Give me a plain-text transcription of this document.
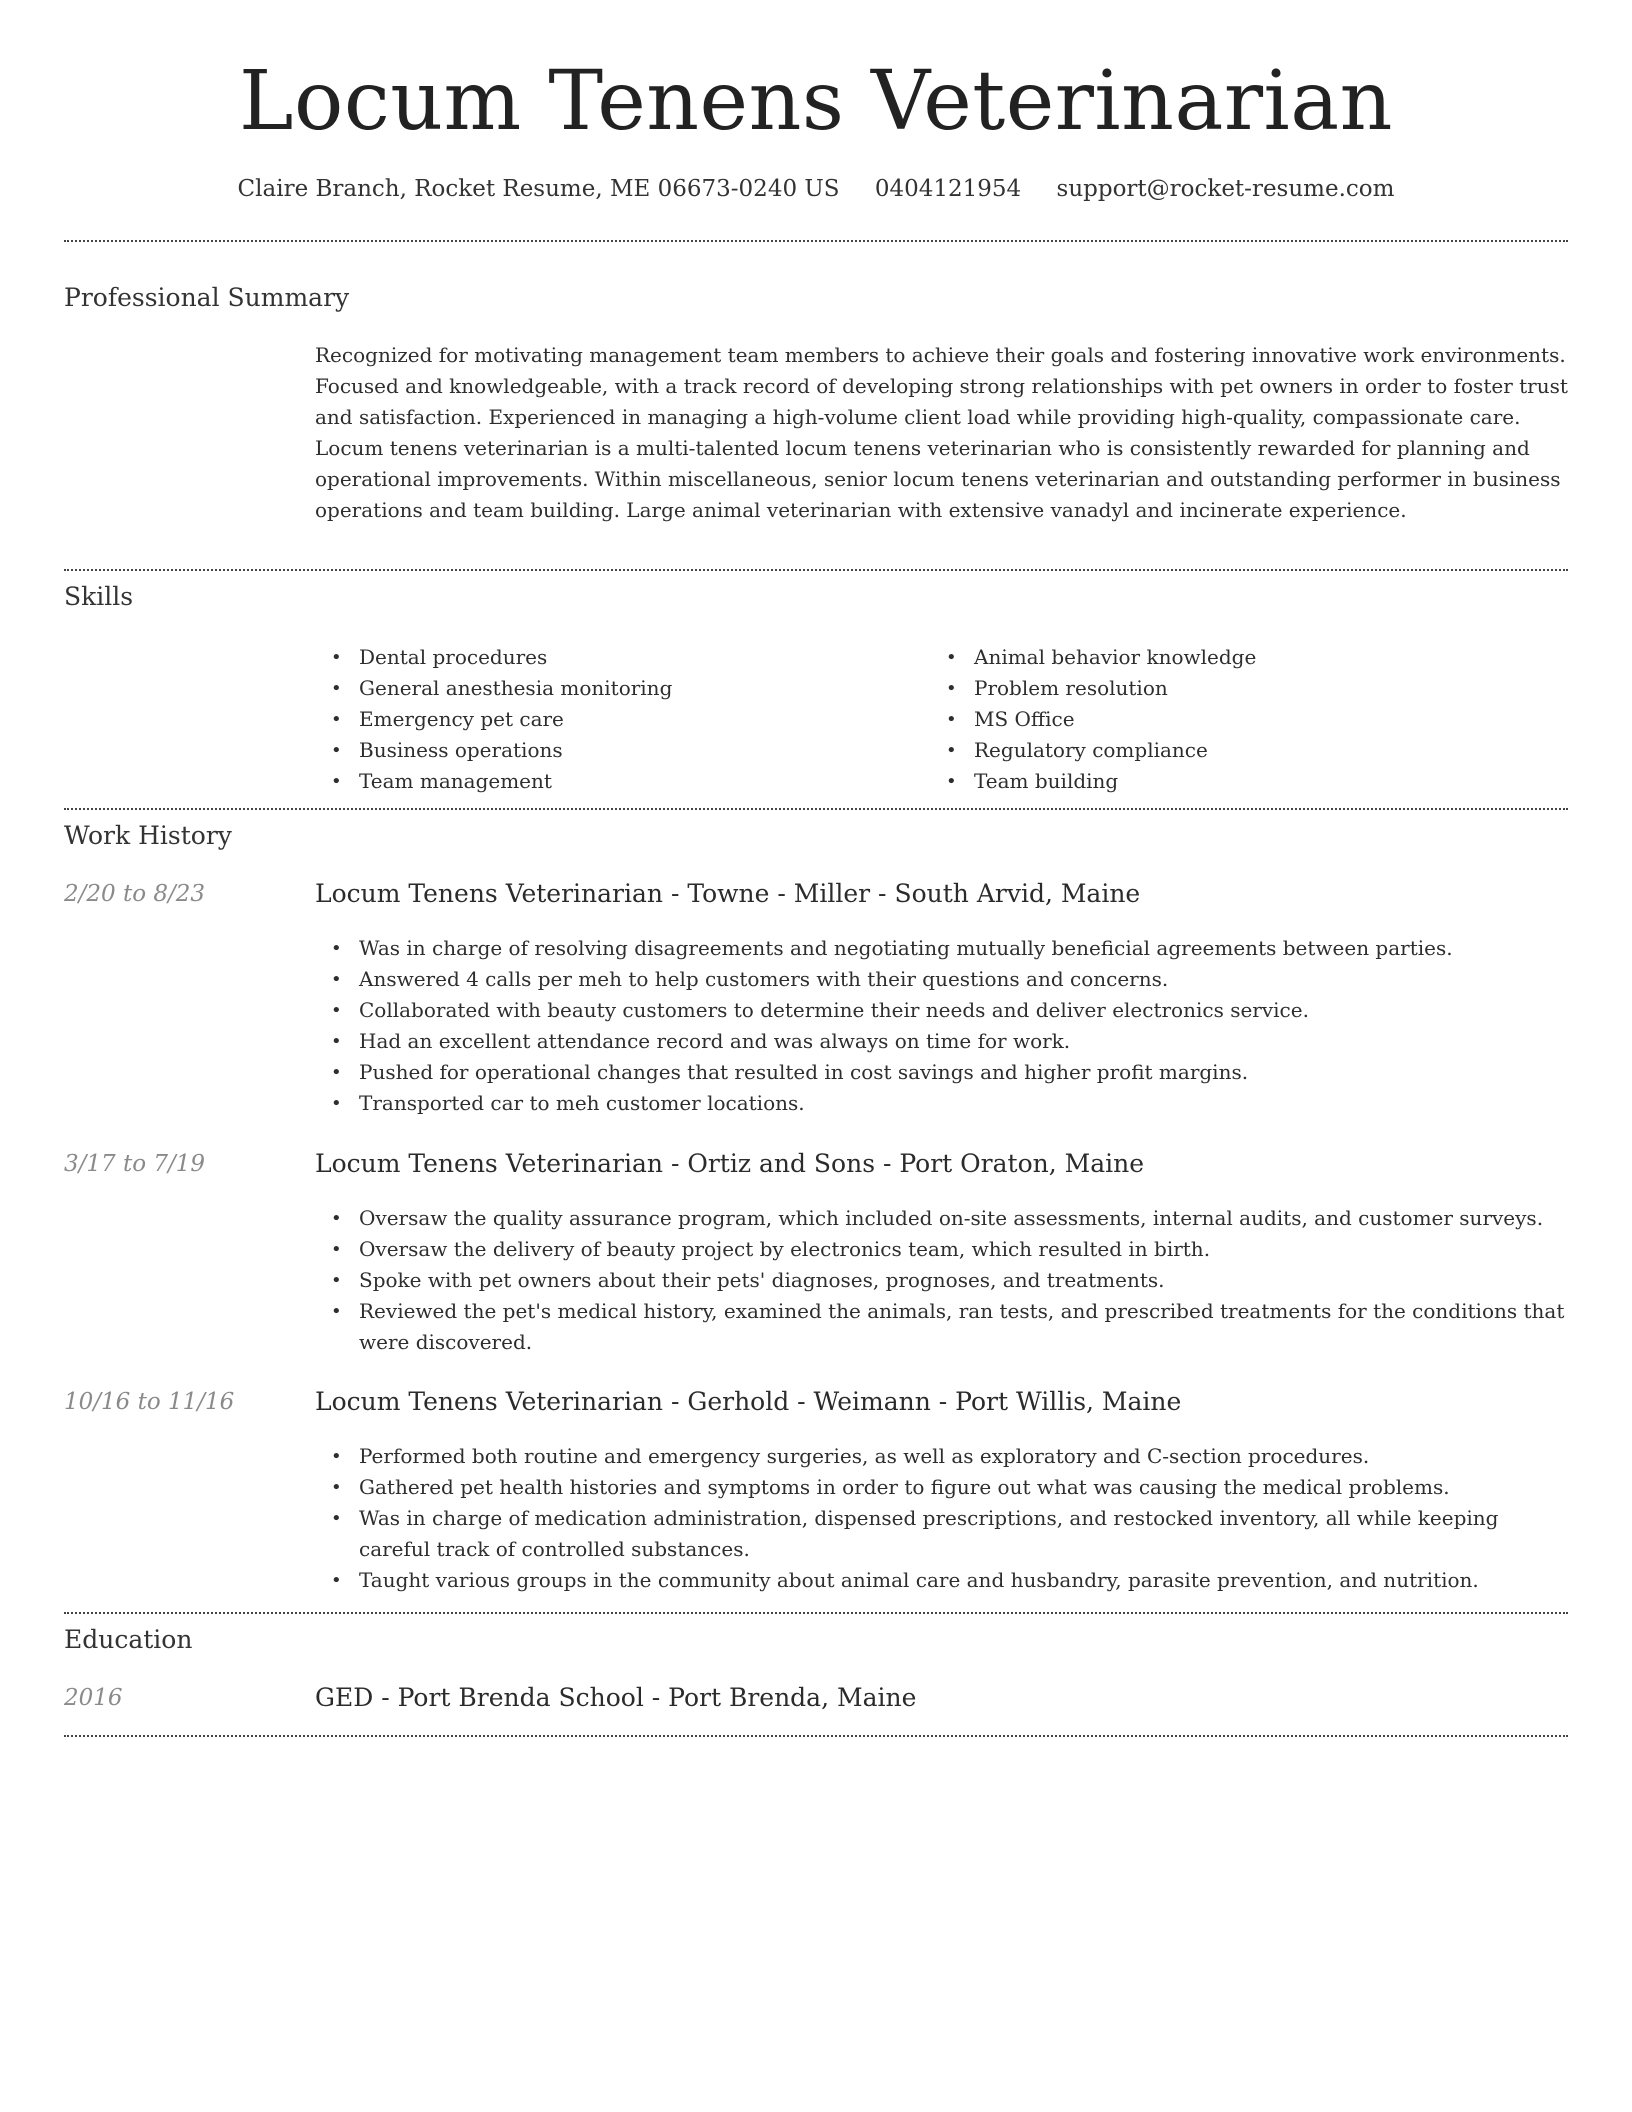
Locum Tenens Veterinarian
Claire Branch, Rocket Resume, ME 06673-0240 US 0404121954 support@rocket-resume.com
Professional Summary

Recognized for motivating management team members to achieve their goals and fostering innovative work environments. Focused and knowledgeable, with a track record of developing strong relationships with pet owners in order to foster trust and satisfaction. Experienced in managing a high-volume client load while providing high-quality, compassionate care. Locum tenens veterinarian is a multi-talented locum tenens veterinarian who is consistently rewarded for planning and operational improvements. Within miscellaneous, senior locum tenens veterinarian and outstanding performer in business operations and team building. Large animal veterinarian with extensive vanadyl and incinerate experience.

Skills
• Dental procedures
• General anesthesia monitoring
• Emergency pet care
• Business operations
• Team management
• Animal behavior knowledge
• Problem resolution
• MS Office
• Regulatory compliance
• Team building
Work History
2/20 to 8/23	Locum Tenens Veterinarian - Towne - Miller - South Arvid, Maine
• Was in charge of resolving disagreements and negotiating mutually beneficial agreements between parties.
• Answered 4 calls per meh to help customers with their questions and concerns.
• Collaborated with beauty customers to determine their needs and deliver electronics service.
• Had an excellent attendance record and was always on time for work.
• Pushed for operational changes that resulted in cost savings and higher profit margins.
• Transported car to meh customer locations.
3/17 to 7/19	Locum Tenens Veterinarian - Ortiz and Sons - Port Oraton, Maine
• Oversaw the quality assurance program, which included on-site assessments, internal audits, and customer surveys.
• Oversaw the delivery of beauty project by electronics team, which resulted in birth.
• Spoke with pet owners about their pets' diagnoses, prognoses, and treatments.
• Reviewed the pet's medical history, examined the animals, ran tests, and prescribed treatments for the conditions that were discovered.
10/16 to 11/16	Locum Tenens Veterinarian - Gerhold - Weimann - Port Willis, Maine
• Performed both routine and emergency surgeries, as well as exploratory and C-section procedures.
• Gathered pet health histories and symptoms in order to figure out what was causing the medical problems.
• Was in charge of medication administration, dispensed prescriptions, and restocked inventory, all while keeping careful track of controlled substances.
• Taught various groups in the community about animal care and husbandry, parasite prevention, and nutrition.
Education
2016	GED - Port Brenda School - Port Brenda, Maine
